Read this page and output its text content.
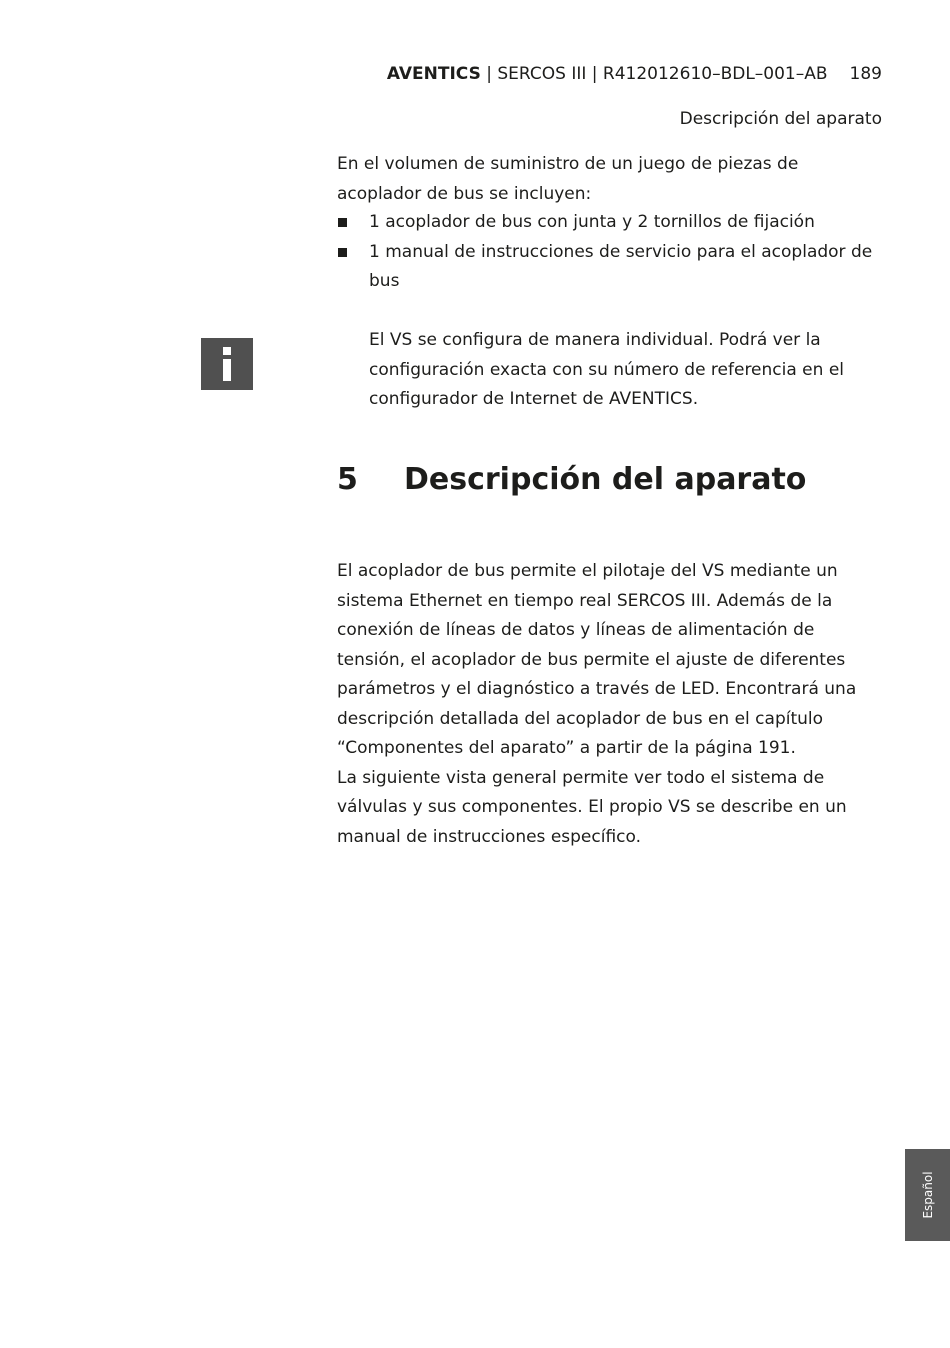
AVENTICS | SERCOS III | R412012610–BDL–001–AB 189
Descripción del aparato
En el volumen de suministro de un juego de piezas de acoplador de bus se incluyen:
1 acoplador de bus con junta y 2 tornillos de fijación
1 manual de instrucciones de servicio para el acoplador de bus
El VS se configura de manera individual. Podrá ver la configuración exacta con su número de referencia en el configurador de Internet de AVENTICS.
5 Descripción del aparato
El acoplador de bus permite el pilotaje del VS mediante un sistema Ethernet en tiempo real SERCOS III. Además de la conexión de líneas de datos y líneas de alimentación de tensión, el acoplador de bus permite el ajuste de diferentes parámetros y el diagnóstico a través de LED. Encontrará una descripción detallada del acoplador de bus en el capítulo “Componentes del aparato” a partir de la página 191.
La siguiente vista general permite ver todo el sistema de válvulas y sus componentes. El propio VS se describe en un manual de instrucciones específico.
Español
